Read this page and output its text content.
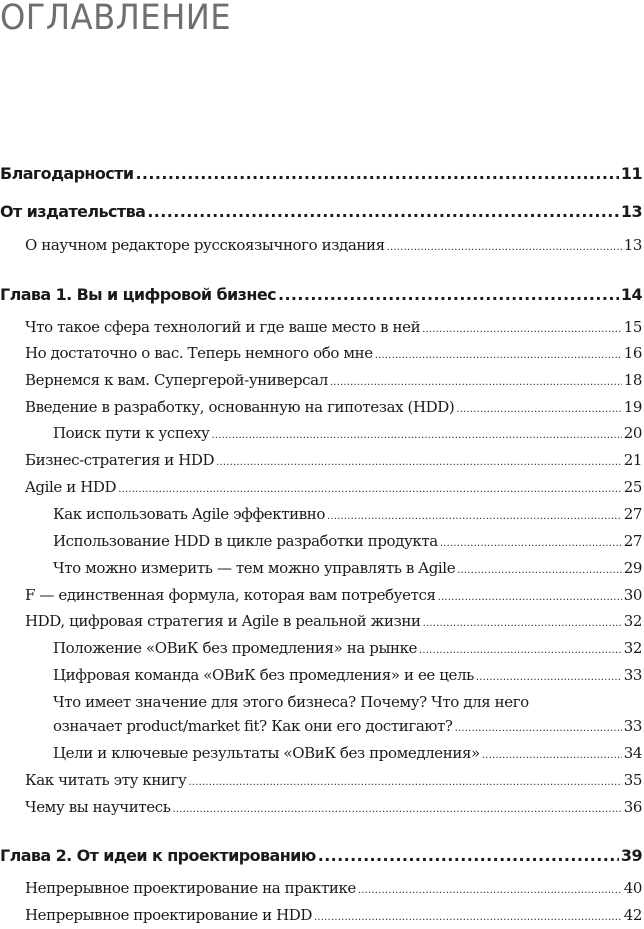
ОГЛАВЛЕНИЕ
Благодарности .....	11
От издательства .....	13
О научном редакторе русскоязычного издания .....	13
Глава 1. Вы и цифровой бизнес .....	14
Что такое сфера технологий и где ваше место в ней .....	15
Но достаточно о вас. Теперь немного обо мне .....	16
Вернемся к вам. Супергерой-универсал .....	18
Введение в разработку, основанную на гипотезах (HDD) .....	19
Поиск пути к успеху .....	20
Бизнес-стратегия и HDD .....	21
Agile и HDD .....	25
Как использовать Agile эффективно .....	27
Использование HDD в цикле разработки продукта .....	27
Что можно измерить — тем можно управлять в Agile .....	29
F — единственная формула, которая вам потребуется .....	30
HDD, цифровая стратегия и Agile в реальной жизни .....	32
Положение «ОВиК без промедления» на рынке .....	32
Цифровая команда «ОВиК без промедления» и ее цель .....	33
Что имеет значение для этого бизнеса? Почему? Что для него
означает product/market fit? Как они его достигают? .....	33
Цели и ключевые результаты «ОВиК без промедления» .....	34
Как читать эту книгу .....	35
Чему вы научитесь .....	36
Глава 2. От идеи к проектированию .....	39
Непрерывное проектирование на практике .....	40
Непрерывное проектирование и HDD .....	42
